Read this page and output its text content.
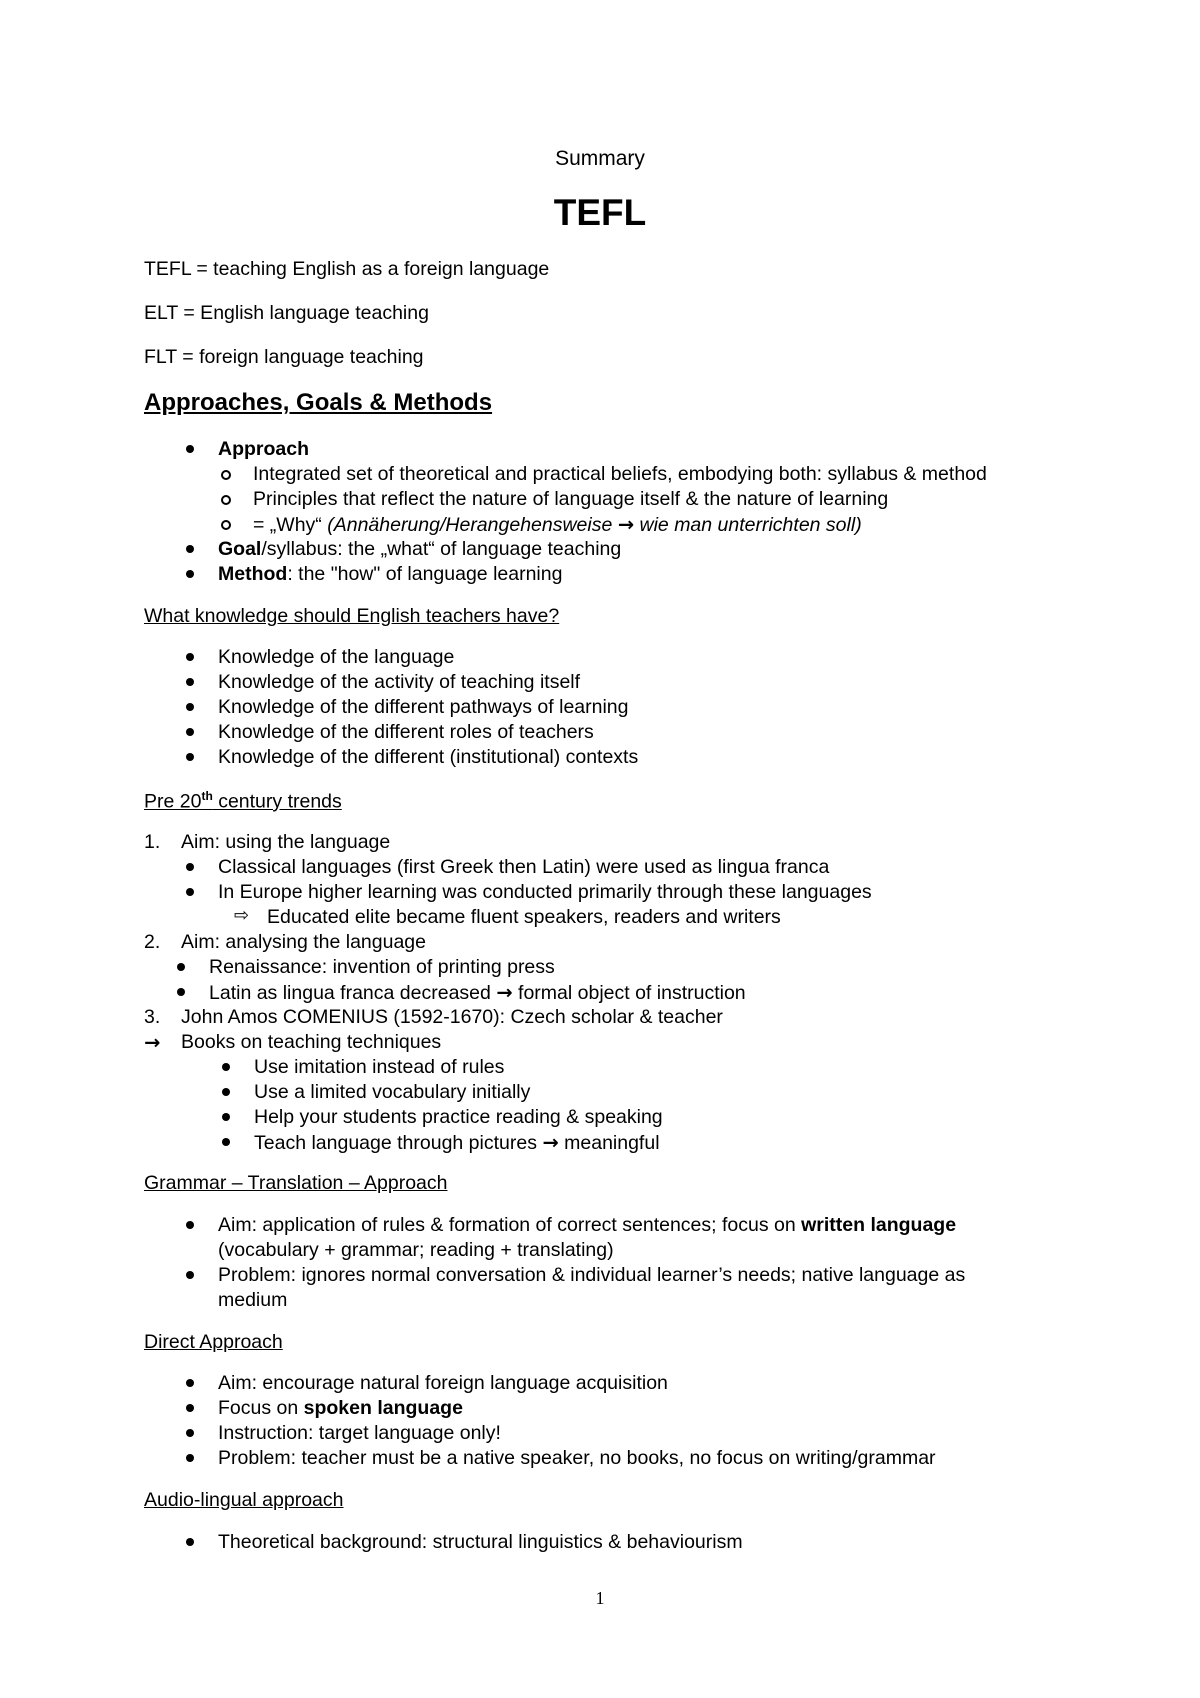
Summary
TEFL
TEFL = teaching English as a foreign language
ELT = English language teaching
FLT = foreign language teaching
Approaches, Goals & Methods
Approach
Integrated set of theoretical and practical beliefs, embodying both: syllabus & method
Principles that reflect the nature of language itself & the nature of learning
= „Why“ (Annäherung/Herangehensweise → wie man unterrichten soll)
Goal/syllabus: the „what“ of language teaching
Method: the "how" of language learning
What knowledge should English teachers have?
Knowledge of the language
Knowledge of the activity of teaching itself
Knowledge of the different pathways of learning
Knowledge of the different roles of teachers
Knowledge of the different (institutional) contexts
Pre 20th century trends
1. Aim: using the language
Classical languages (first Greek then Latin) were used as lingua franca
In Europe higher learning was conducted primarily through these languages
⇨ Educated elite became fluent speakers, readers and writers
2. Aim: analysing the language
Renaissance: invention of printing press
Latin as lingua franca decreased → formal object of instruction
3. John Amos COMENIUS (1592-1670): Czech scholar & teacher
→ Books on teaching techniques
Use imitation instead of rules
Use a limited vocabulary initially
Help your students practice reading & speaking
Teach language through pictures → meaningful
Grammar – Translation – Approach
Aim: application of rules & formation of correct sentences; focus on written language
(vocabulary + grammar; reading + translating)
Problem: ignores normal conversation & individual learner’s needs; native language as
medium
Direct Approach
Aim: encourage natural foreign language acquisition
Focus on spoken language
Instruction: target language only!
Problem: teacher must be a native speaker, no books, no focus on writing/grammar
Audio-lingual approach
Theoretical background: structural linguistics & behaviourism
1
